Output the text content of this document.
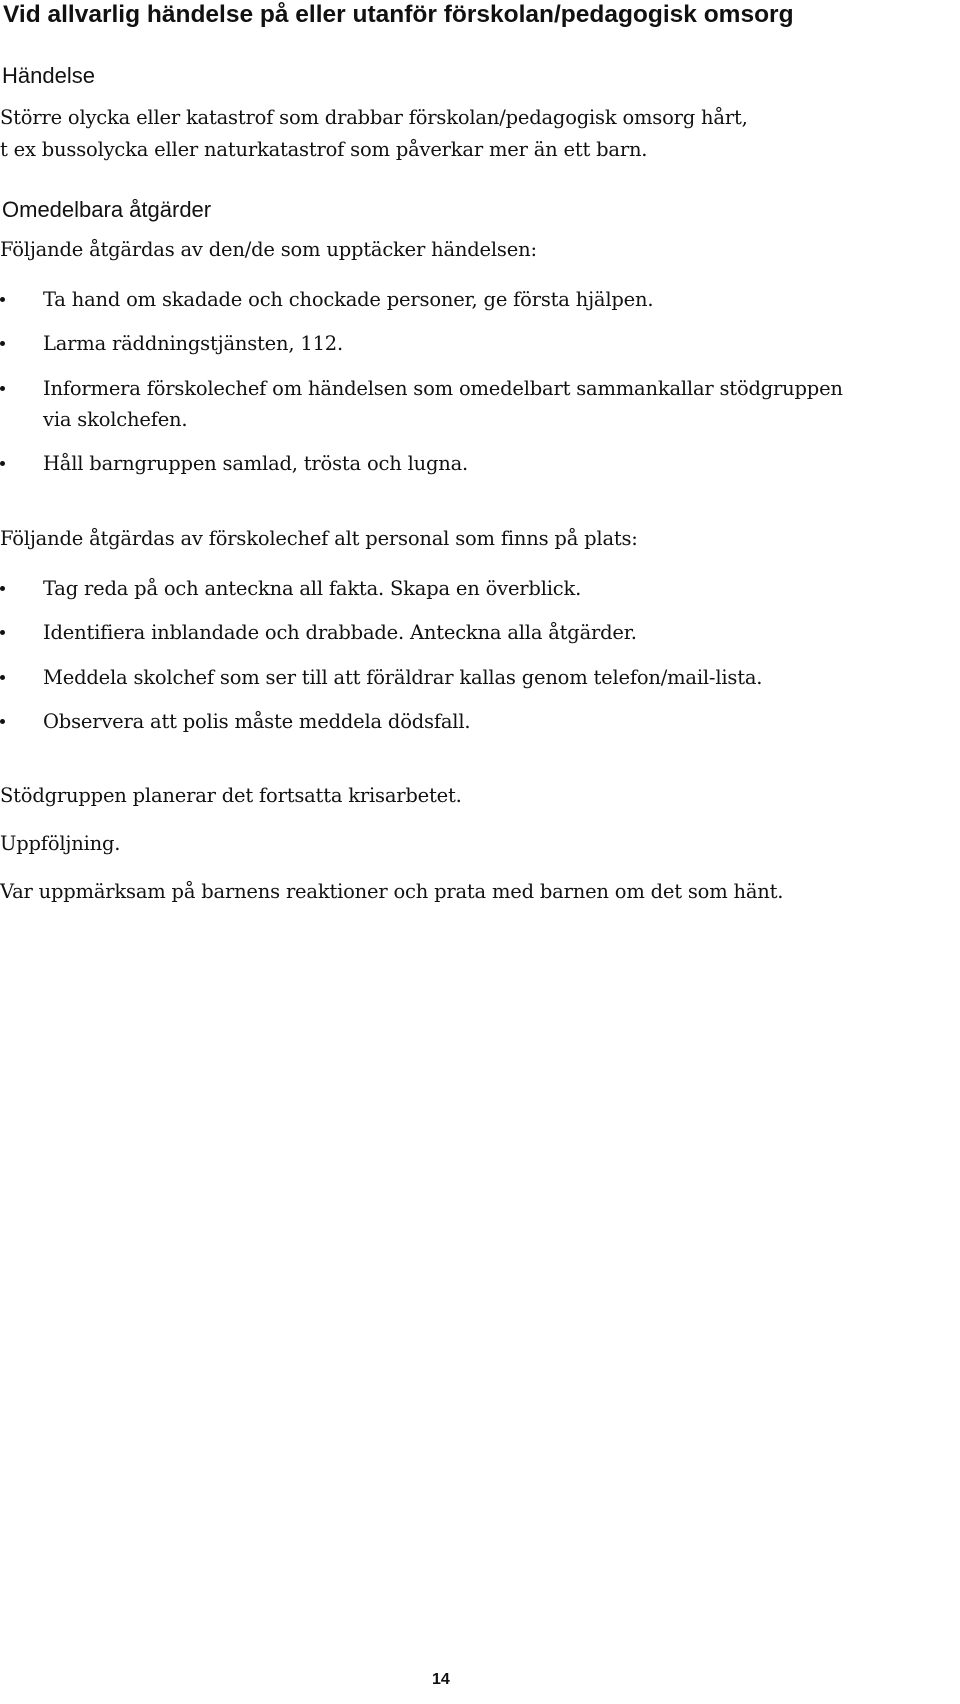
Vid allvarlig händelse på eller utanför förskolan/pedagogisk omsorg
Händelse
Större olycka eller katastrof som drabbar förskolan/pedagogisk omsorg hårt,
t ex bussolycka eller naturkatastrof som påverkar mer än ett barn.
Omedelbara åtgärder
Följande åtgärdas av den/de som upptäcker händelsen:
Ta hand om skadade och chockade personer, ge första hjälpen.
Larma räddningstjänsten, 112.
Informera förskolechef om händelsen som omedelbart sammankallar stödgruppen
via skolchefen.
Håll barngruppen samlad, trösta och lugna.
Följande åtgärdas av förskolechef alt personal som finns på plats:
Tag reda på och anteckna all fakta. Skapa en överblick.
Identifiera inblandade och drabbade. Anteckna alla åtgärder.
Meddela skolchef som ser till att föräldrar kallas genom telefon/mail-lista.
Observera att polis måste meddela dödsfall.
Stödgruppen planerar det fortsatta krisarbetet.
Uppföljning.
Var uppmärksam på barnens reaktioner och prata med barnen om det som hänt.
14
